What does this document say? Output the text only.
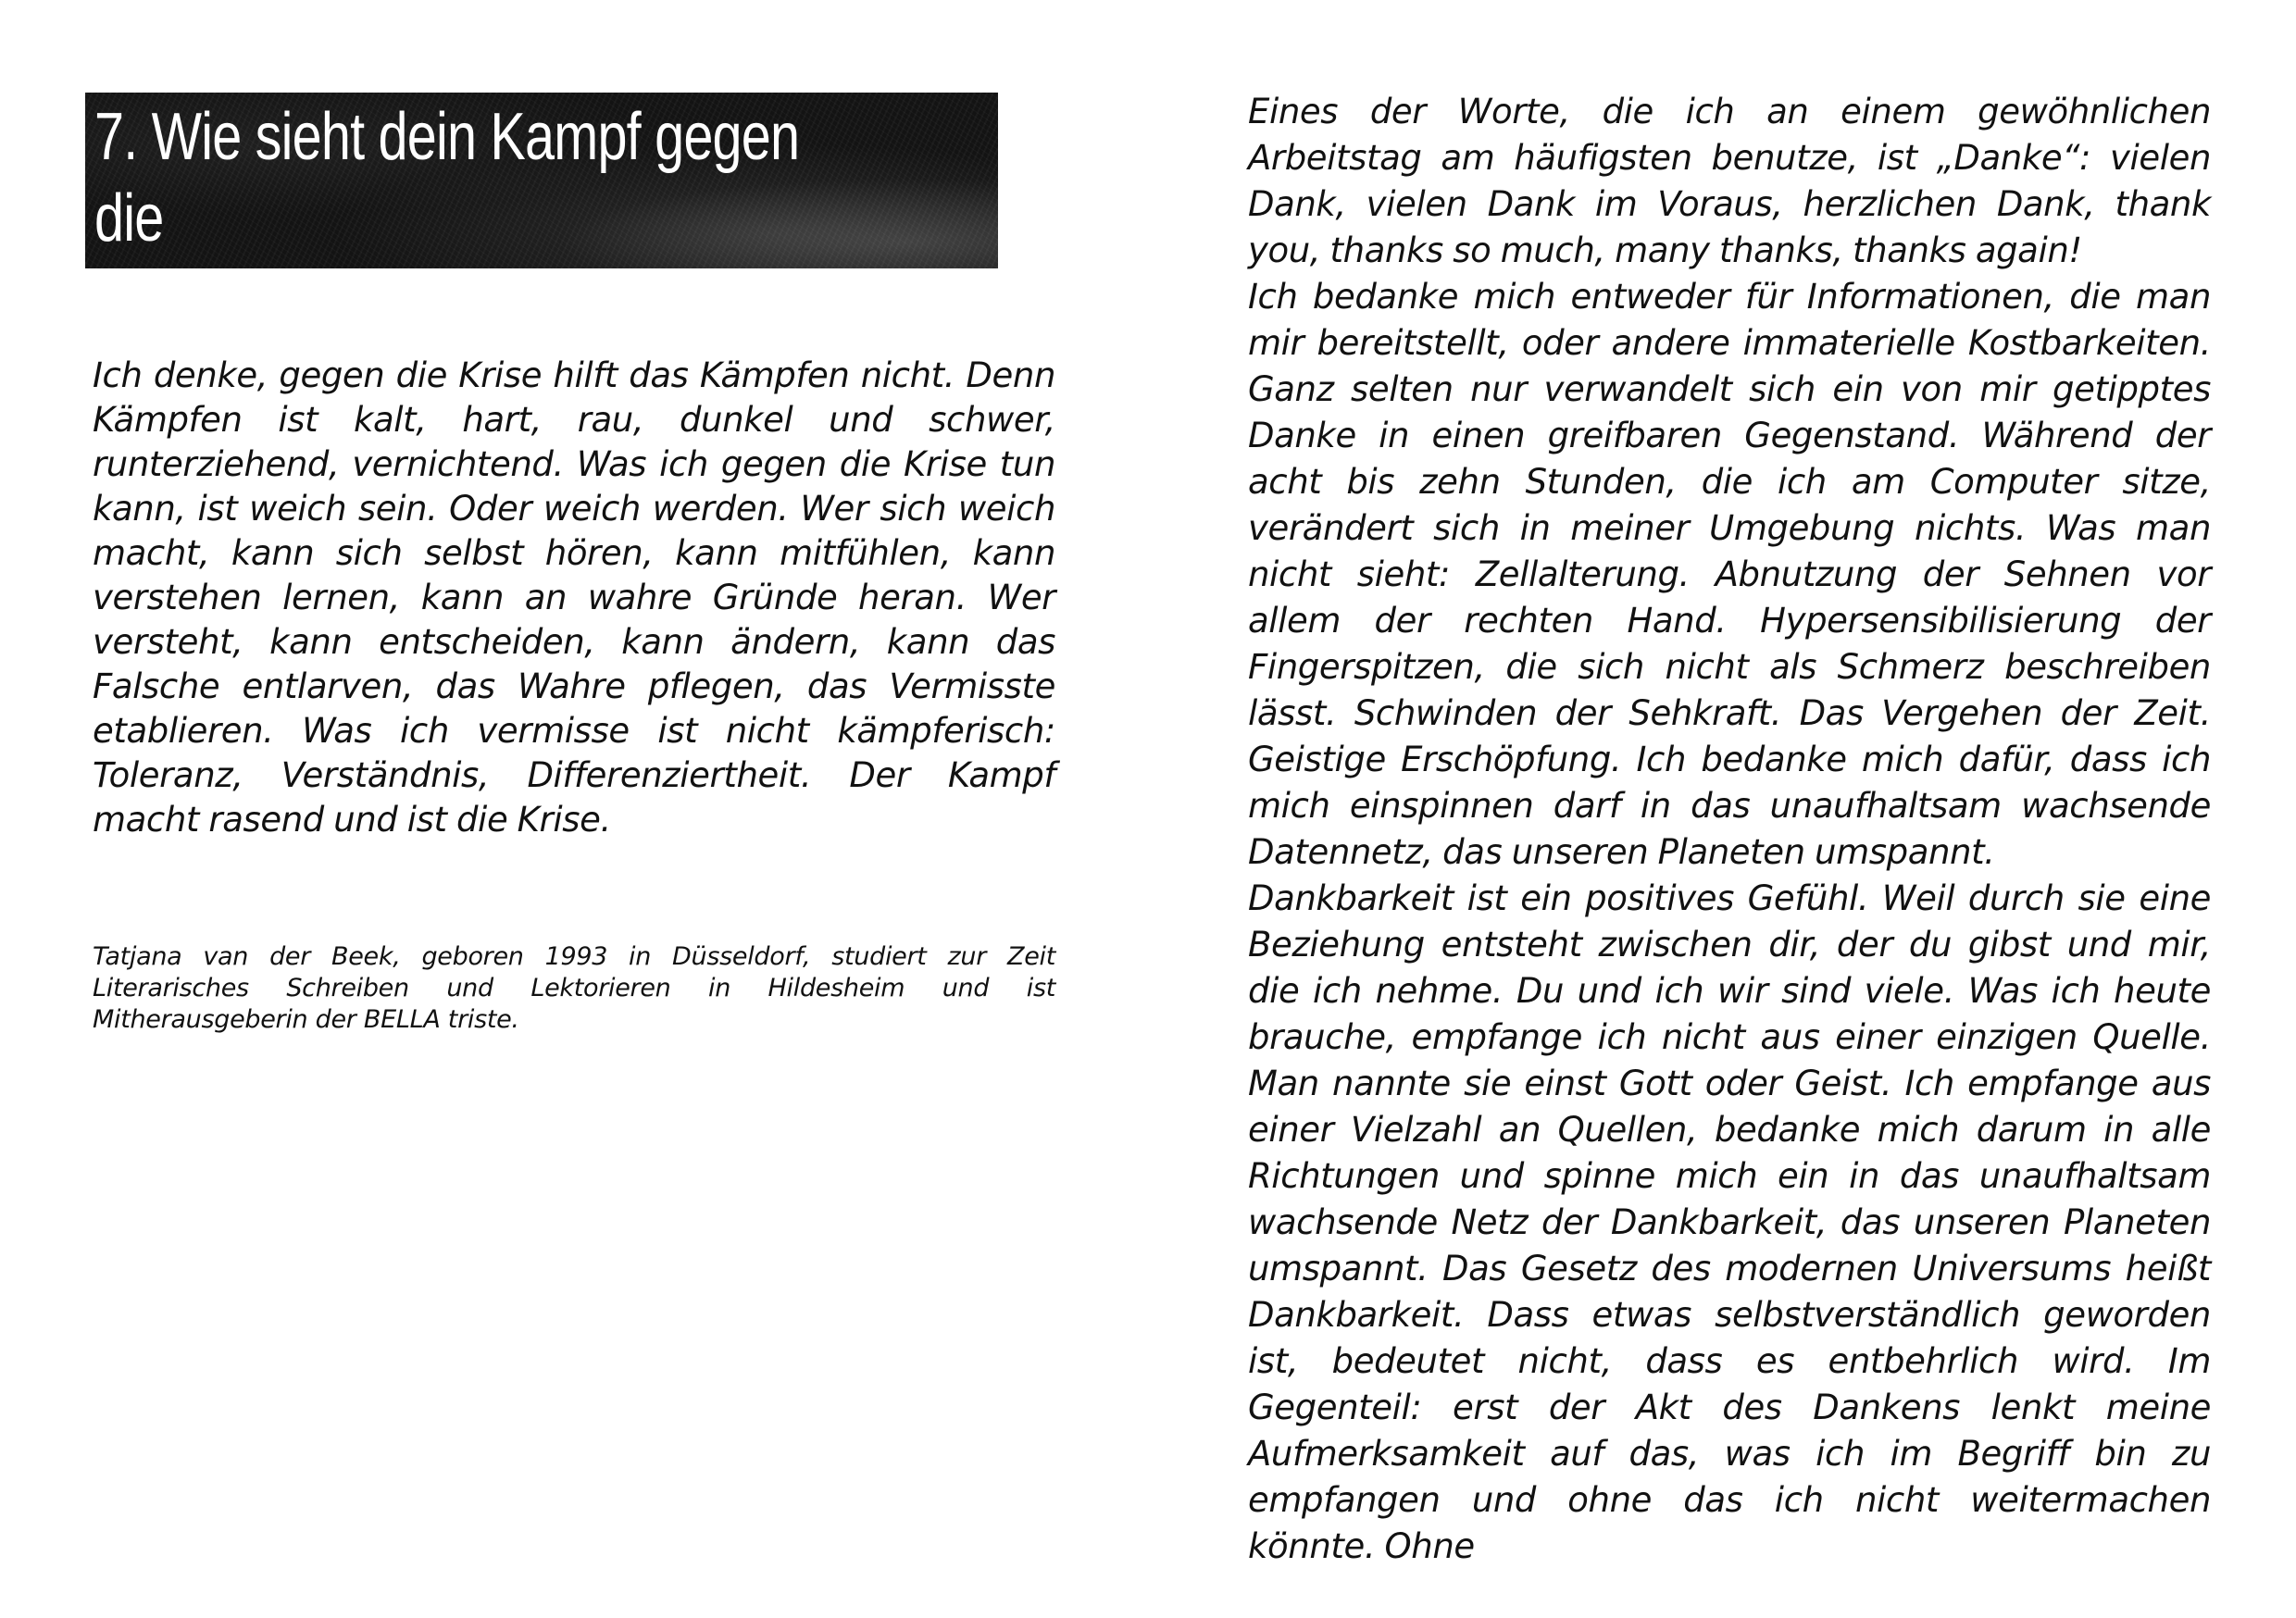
7. Wie sieht dein Kampf gegen die
Krise aus?

Ich denke, gegen die Krise hilft das Kämpfen nicht. Denn Kämpfen ist kalt, hart, rau, dunkel und schwer, runterziehend, vernichtend. Was ich gegen die Krise tun kann, ist weich sein. Oder weich werden. Wer sich weich macht, kann sich selbst hören, kann mitfühlen, kann verstehen lernen, kann an wahre Gründe heran. Wer versteht, kann entscheiden, kann ändern, kann das Falsche entlarven, das Wahre pflegen, das Vermisste etablieren. Was ich vermisse ist nicht kämpferisch: Toleranz, Verständnis, Differenziertheit. Der Kampf macht rasend und ist die Krise.

Tatjana van der Beek, geboren 1993 in Düsseldorf, studiert zur Zeit Literarisches Schreiben und Lektorieren in Hildesheim und ist Mitherausgeberin der BELLA triste.

Eines der Worte, die ich an einem gewöhnlichen Arbeitstag am häufigsten benutze, ist „Danke“: vielen Dank, vielen Dank im Voraus, herzlichen Dank, thank you, thanks so much, many thanks, thanks again!

Ich bedanke mich entweder für Informationen, die man mir bereitstellt, oder andere immaterielle Kostbarkeiten. Ganz selten nur verwandelt sich ein von mir getipptes Danke in einen greifbaren Gegenstand. Während der acht bis zehn Stunden, die ich am Computer sitze, verändert sich in meiner Umgebung nichts. Was man nicht sieht: Zellalterung. Abnutzung der Sehnen vor allem der rechten Hand. Hypersensibilisierung der Fingerspitzen, die sich nicht als Schmerz beschreiben lässt. Schwinden der Sehkraft. Das Vergehen der Zeit. Geistige Erschöpfung. Ich bedanke mich dafür, dass ich mich einspinnen darf in das unaufhaltsam wachsende Datennetz, das unseren Planeten umspannt.

Dankbarkeit ist ein positives Gefühl. Weil durch sie eine Beziehung entsteht zwischen dir, der du gibst und mir, die ich nehme. Du und ich wir sind viele. Was ich heute brauche, empfange ich nicht aus einer einzigen Quelle. Man nannte sie einst Gott oder Geist. Ich empfange aus einer Vielzahl an Quellen, bedanke mich darum in alle Richtungen und spinne mich ein in das unaufhaltsam wachsende Netz der Dankbarkeit, das unseren Planeten umspannt. Das Gesetz des modernen Universums heißt Dankbarkeit. Dass etwas selbstverständlich geworden ist, bedeutet nicht, dass es entbehrlich wird. Im Gegenteil: erst der Akt des Dankens lenkt meine Aufmerksamkeit auf das, was ich im Begriff bin zu empfangen und ohne das ich nicht weitermachen könnte. Ohne
